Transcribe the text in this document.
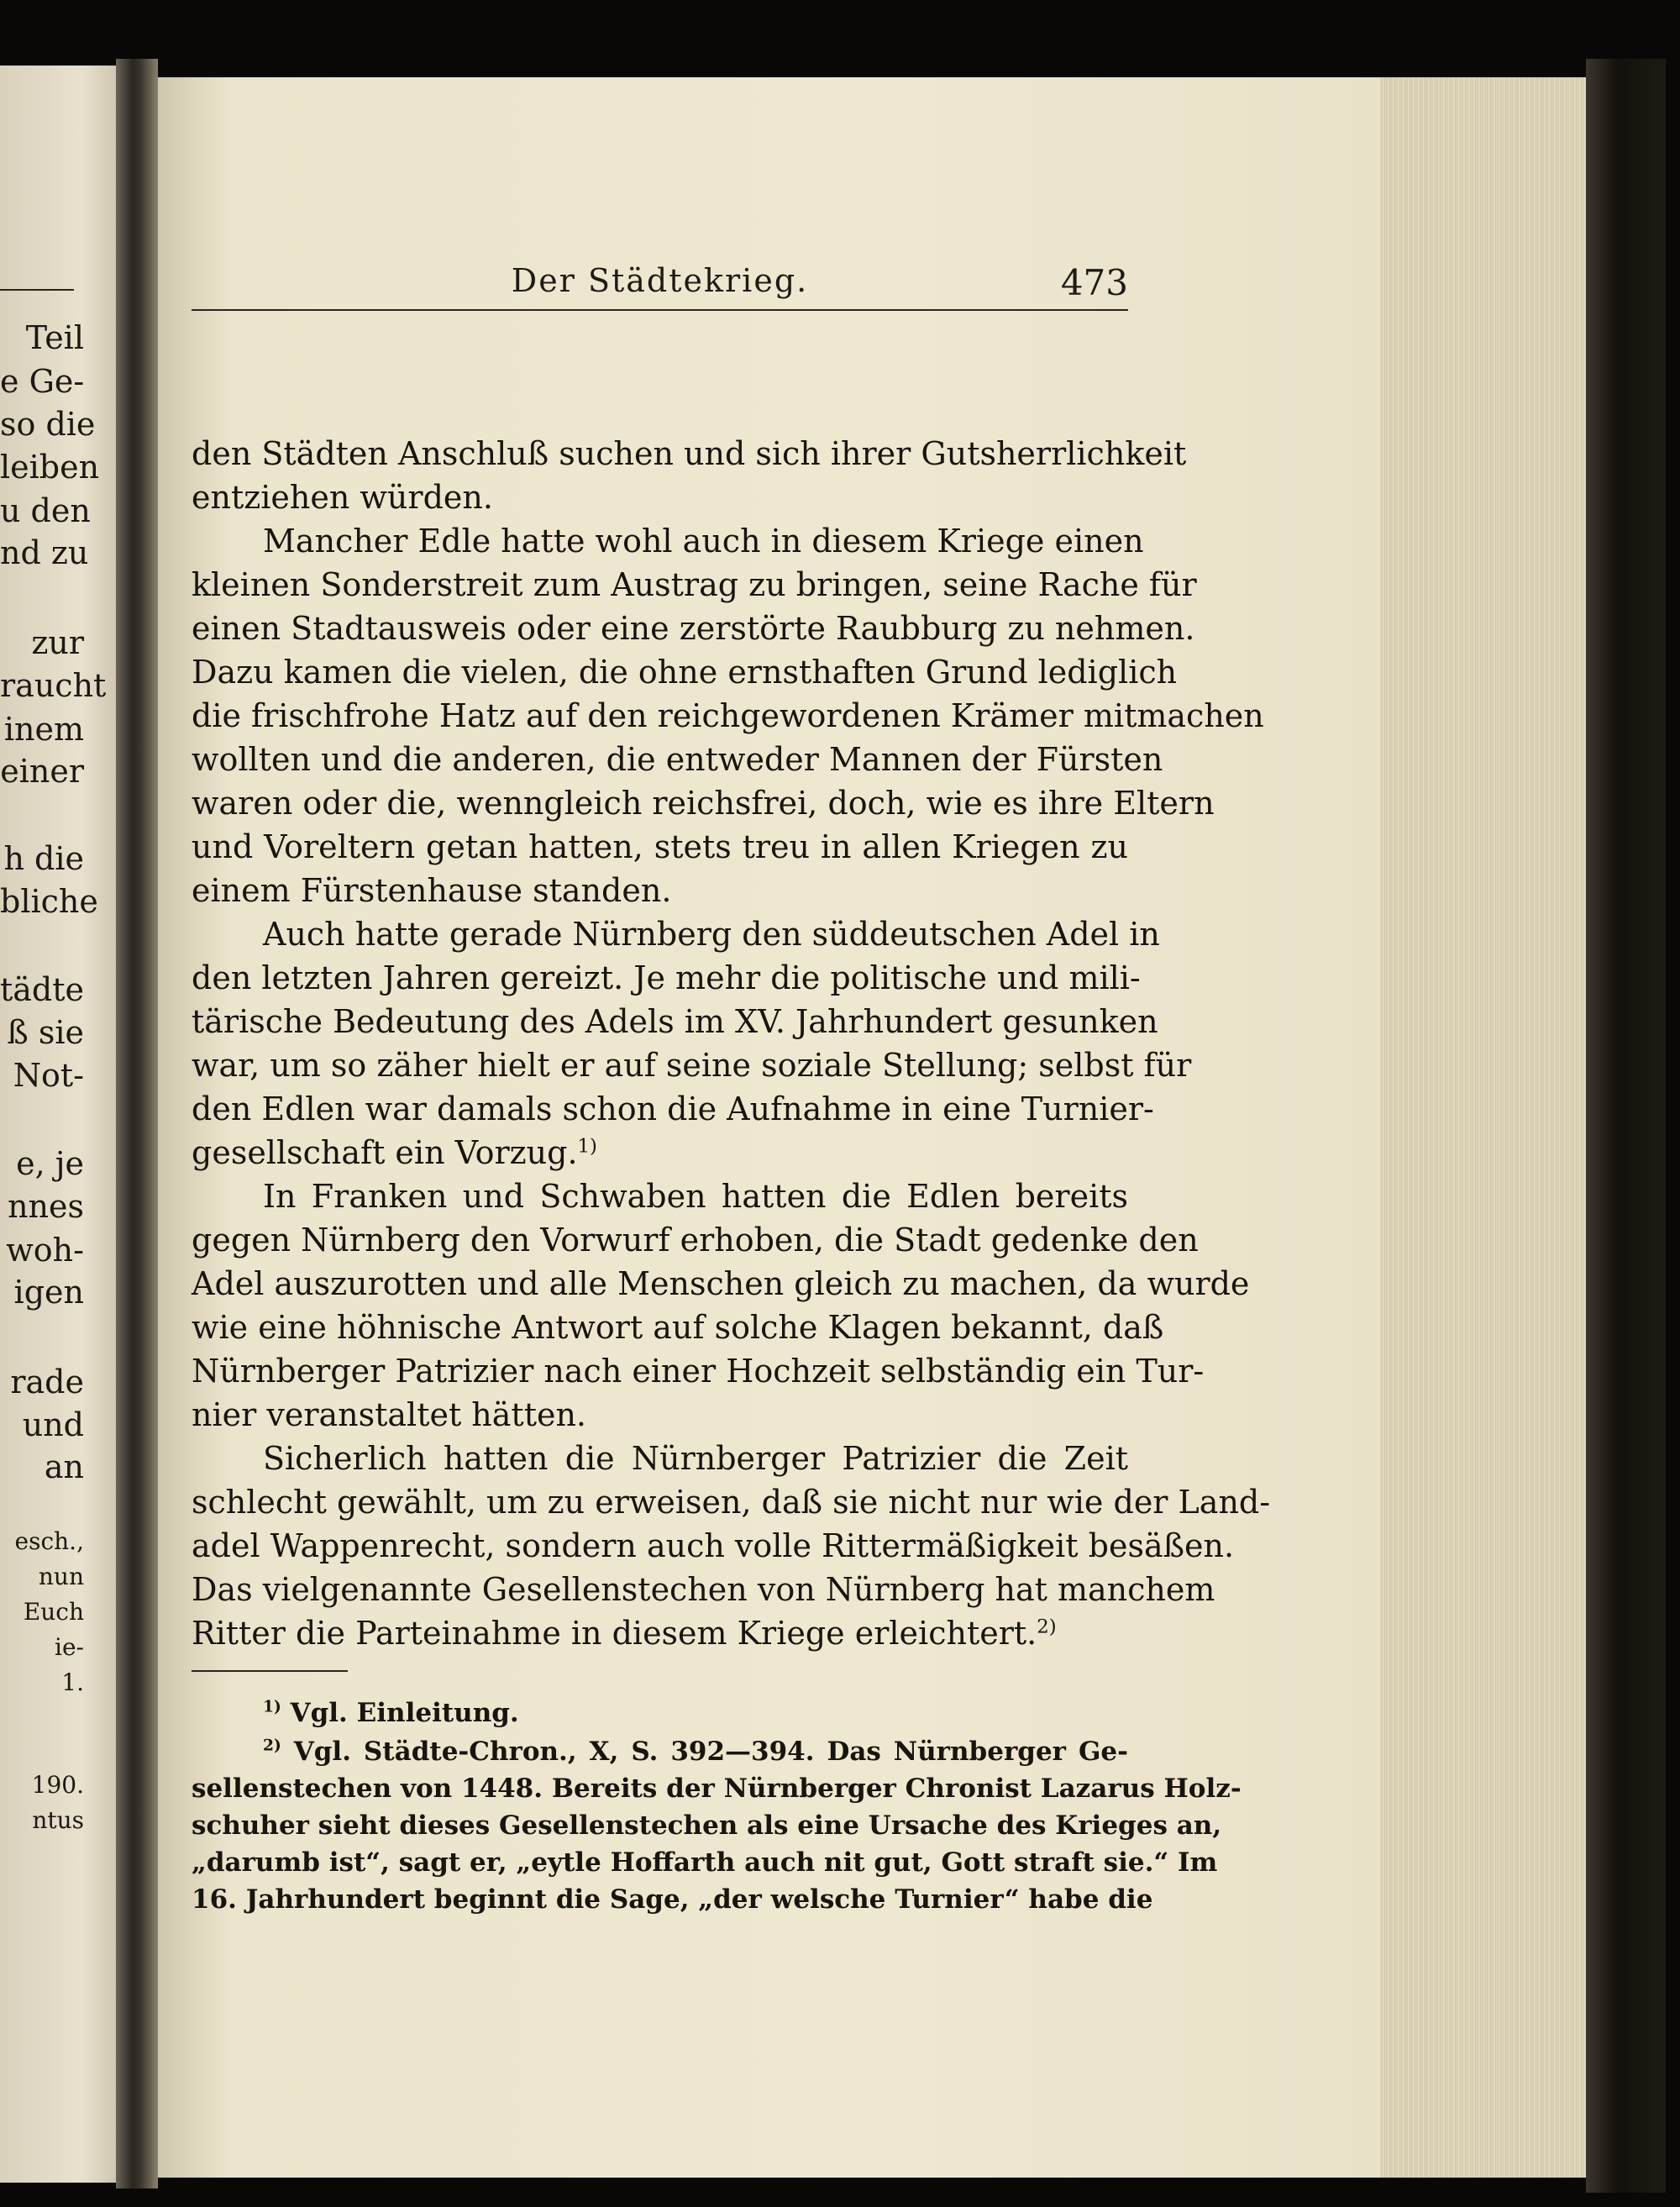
Teil
e Ge-
so die
leiben
u den
nd zu
zur
raucht
inem
einer
h die
bliche
tädte
ß sie
Not-
e, je
nnes
woh-
igen
rade
und
an
esch.,
nun
Euch
ie-
1.
190.
ntus
Der Städtekrieg.	473
den Städten Anschluß suchen und sich ihrer Gutsherrlichkeit
entziehen würden.
Mancher Edle hatte wohl auch in diesem Kriege einen
kleinen Sonderstreit zum Austrag zu bringen, seine Rache für
einen Stadtausweis oder eine zerstörte Raubburg zu nehmen.
Dazu kamen die vielen, die ohne ernsthaften Grund lediglich
die frischfrohe Hatz auf den reichgewordenen Krämer mitmachen
wollten und die anderen, die entweder Mannen der Fürsten
waren oder die, wenngleich reichsfrei, doch, wie es ihre Eltern
und Voreltern getan hatten, stets treu in allen Kriegen zu
einem Fürstenhause standen.
Auch hatte gerade Nürnberg den süddeutschen Adel in
den letzten Jahren gereizt. Je mehr die politische und mili-
tärische Bedeutung des Adels im XV. Jahrhundert gesunken
war, um so zäher hielt er auf seine soziale Stellung; selbst für
den Edlen war damals schon die Aufnahme in eine Turnier-
gesellschaft ein Vorzug.$^{1)}$
In Franken und Schwaben hatten die Edlen bereits
gegen Nürnberg den Vorwurf erhoben, die Stadt gedenke den
Adel auszurotten und alle Menschen gleich zu machen, da wurde
wie eine höhnische Antwort auf solche Klagen bekannt, daß
Nürnberger Patrizier nach einer Hochzeit selbständig ein Tur-
nier veranstaltet hätten.
Sicherlich hatten die Nürnberger Patrizier die Zeit
schlecht gewählt, um zu erweisen, daß sie nicht nur wie der Land-
adel Wappenrecht, sondern auch volle Rittermäßigkeit besäßen.
Das vielgenannte Gesellenstechen von Nürnberg hat manchem
Ritter die Parteinahme in diesem Kriege erleichtert.$^{2)}$
$^{1)}$ Vgl. Einleitung.
$^{2)}$ Vgl. Städte-Chron., X, S. 392—394. Das Nürnberger Ge-
sellenstechen von 1448. Bereits der Nürnberger Chronist Lazarus Holz-
schuher sieht dieses Gesellenstechen als eine Ursache des Krieges an,
„darumb ist“, sagt er, „eytle Hoffarth auch nit gut, Gott straft sie.“ Im
16. Jahrhundert beginnt die Sage, „der welsche Turnier“ habe die
